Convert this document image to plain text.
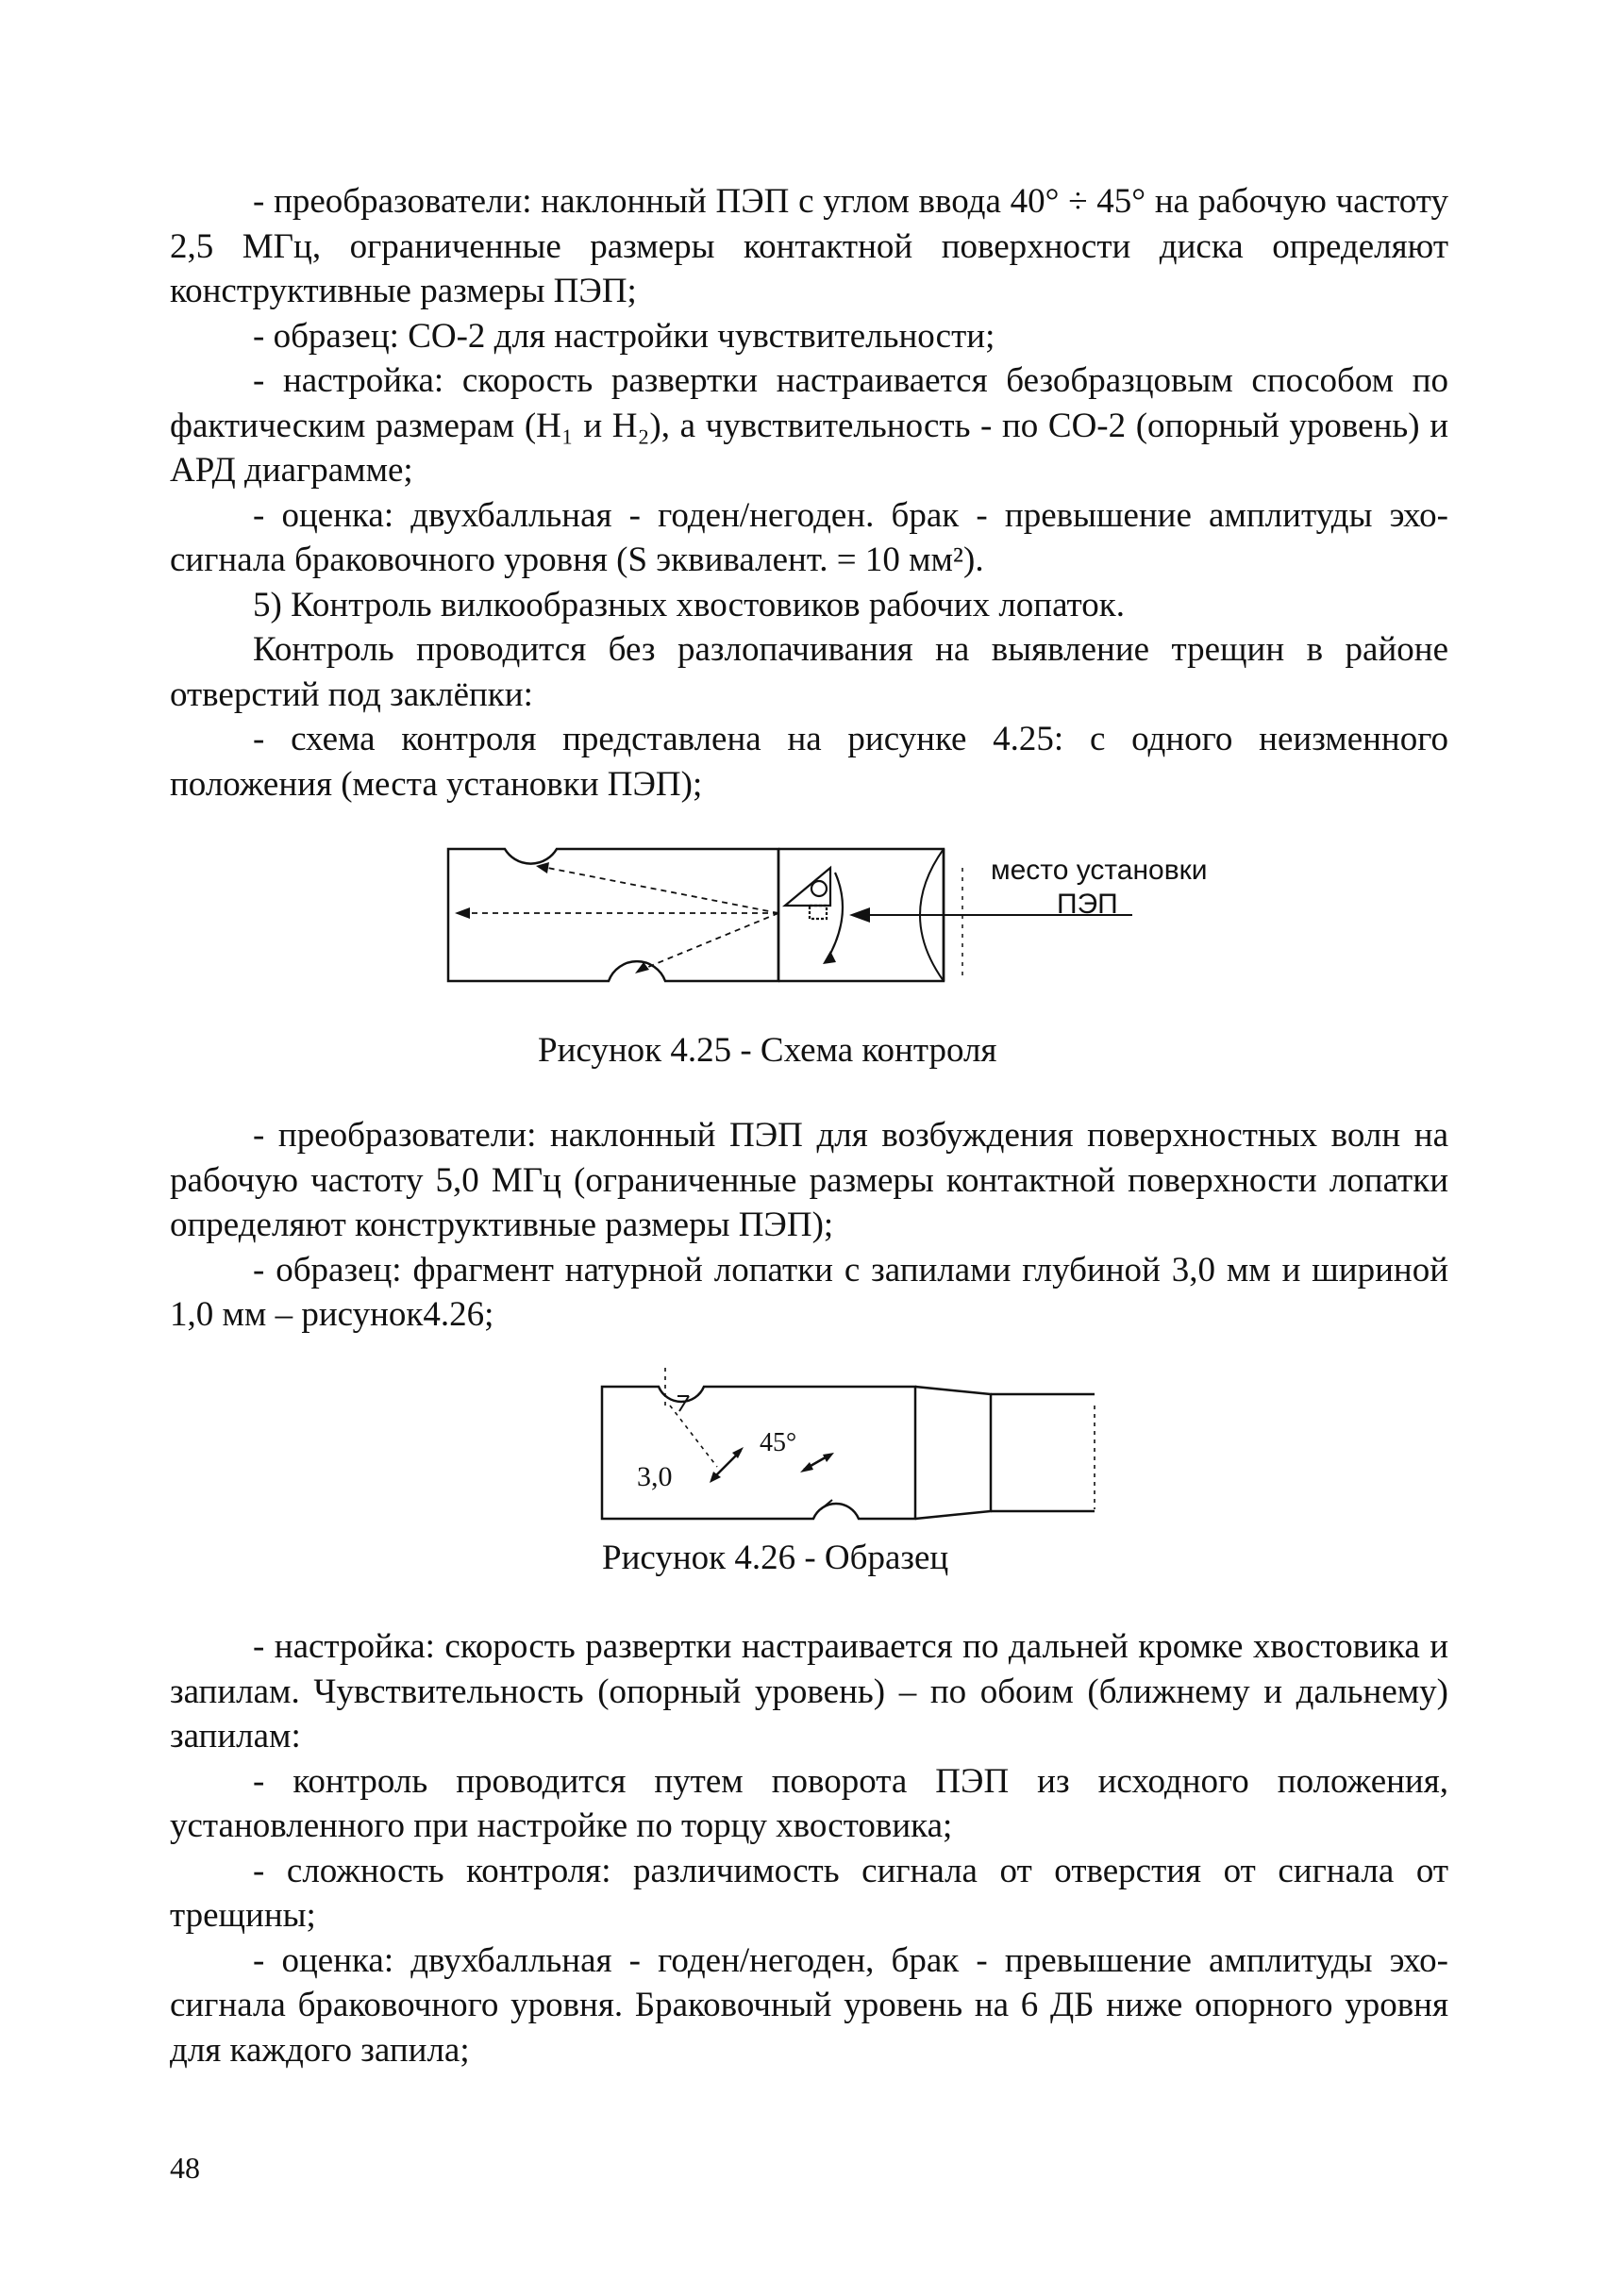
- преобразователи: наклонный ПЭП с углом ввода 40° ÷ 45° на рабочую частоту 2,5 МГц, ограниченные размеры контактной поверхности диска определяют конструктивные размеры ПЭП;

- образец: СО-2 для настройки чувствительности;

- настройка: скорость развертки настраивается безобразцовым способом по фактическим размерам (Н₁ и Н₂), а чувствительность - по СО-2 (опорный уровень) и АРД диаграмме;

- оценка: двухбалльная - годен/негоден. брак - превышение амплитуды эхо-сигнала браковочного уровня (S эквивалент. = 10 мм²).

5) Контроль вилкообразных хвостовиков рабочих лопаток.

Контроль проводится без разлопачивания на выявление трещин в районе отверстий под заклёпки:

- схема контроля представлена на рисунке 4.25: с одного неизменного положения (места установки ПЭП);

место установки
ПЭП
Рисунок 4.25 - Схема контроля

- преобразователи: наклонный ПЭП для возбуждения поверхностных волн на рабочую частоту 5,0 МГц (ограниченные размеры контактной поверхности лопатки определяют конструктивные размеры ПЭП);

- образец: фрагмент натурной лопатки с запилами глубиной 3,0 мм и шириной 1,0 мм – рисунок4.26;

3,0
45°
Рисунок 4.26 - Образец

- настройка: скорость развертки настраивается по дальней кромке хвостовика и запилам. Чувствительность (опорный уровень) – по обоим (ближнему и дальнему) запилам:

- контроль проводится путем поворота ПЭП из исходного положения, установленного при настройке по торцу хвостовика;

- сложность контроля: различимость сигнала от отверстия от сигнала от трещины;

- оценка: двухбалльная - годен/негоден, брак - превышение амплитуды эхо-сигнала браковочного уровня. Браковочный уровень на 6 ДБ ниже опорного уровня для каждого запила;

48
